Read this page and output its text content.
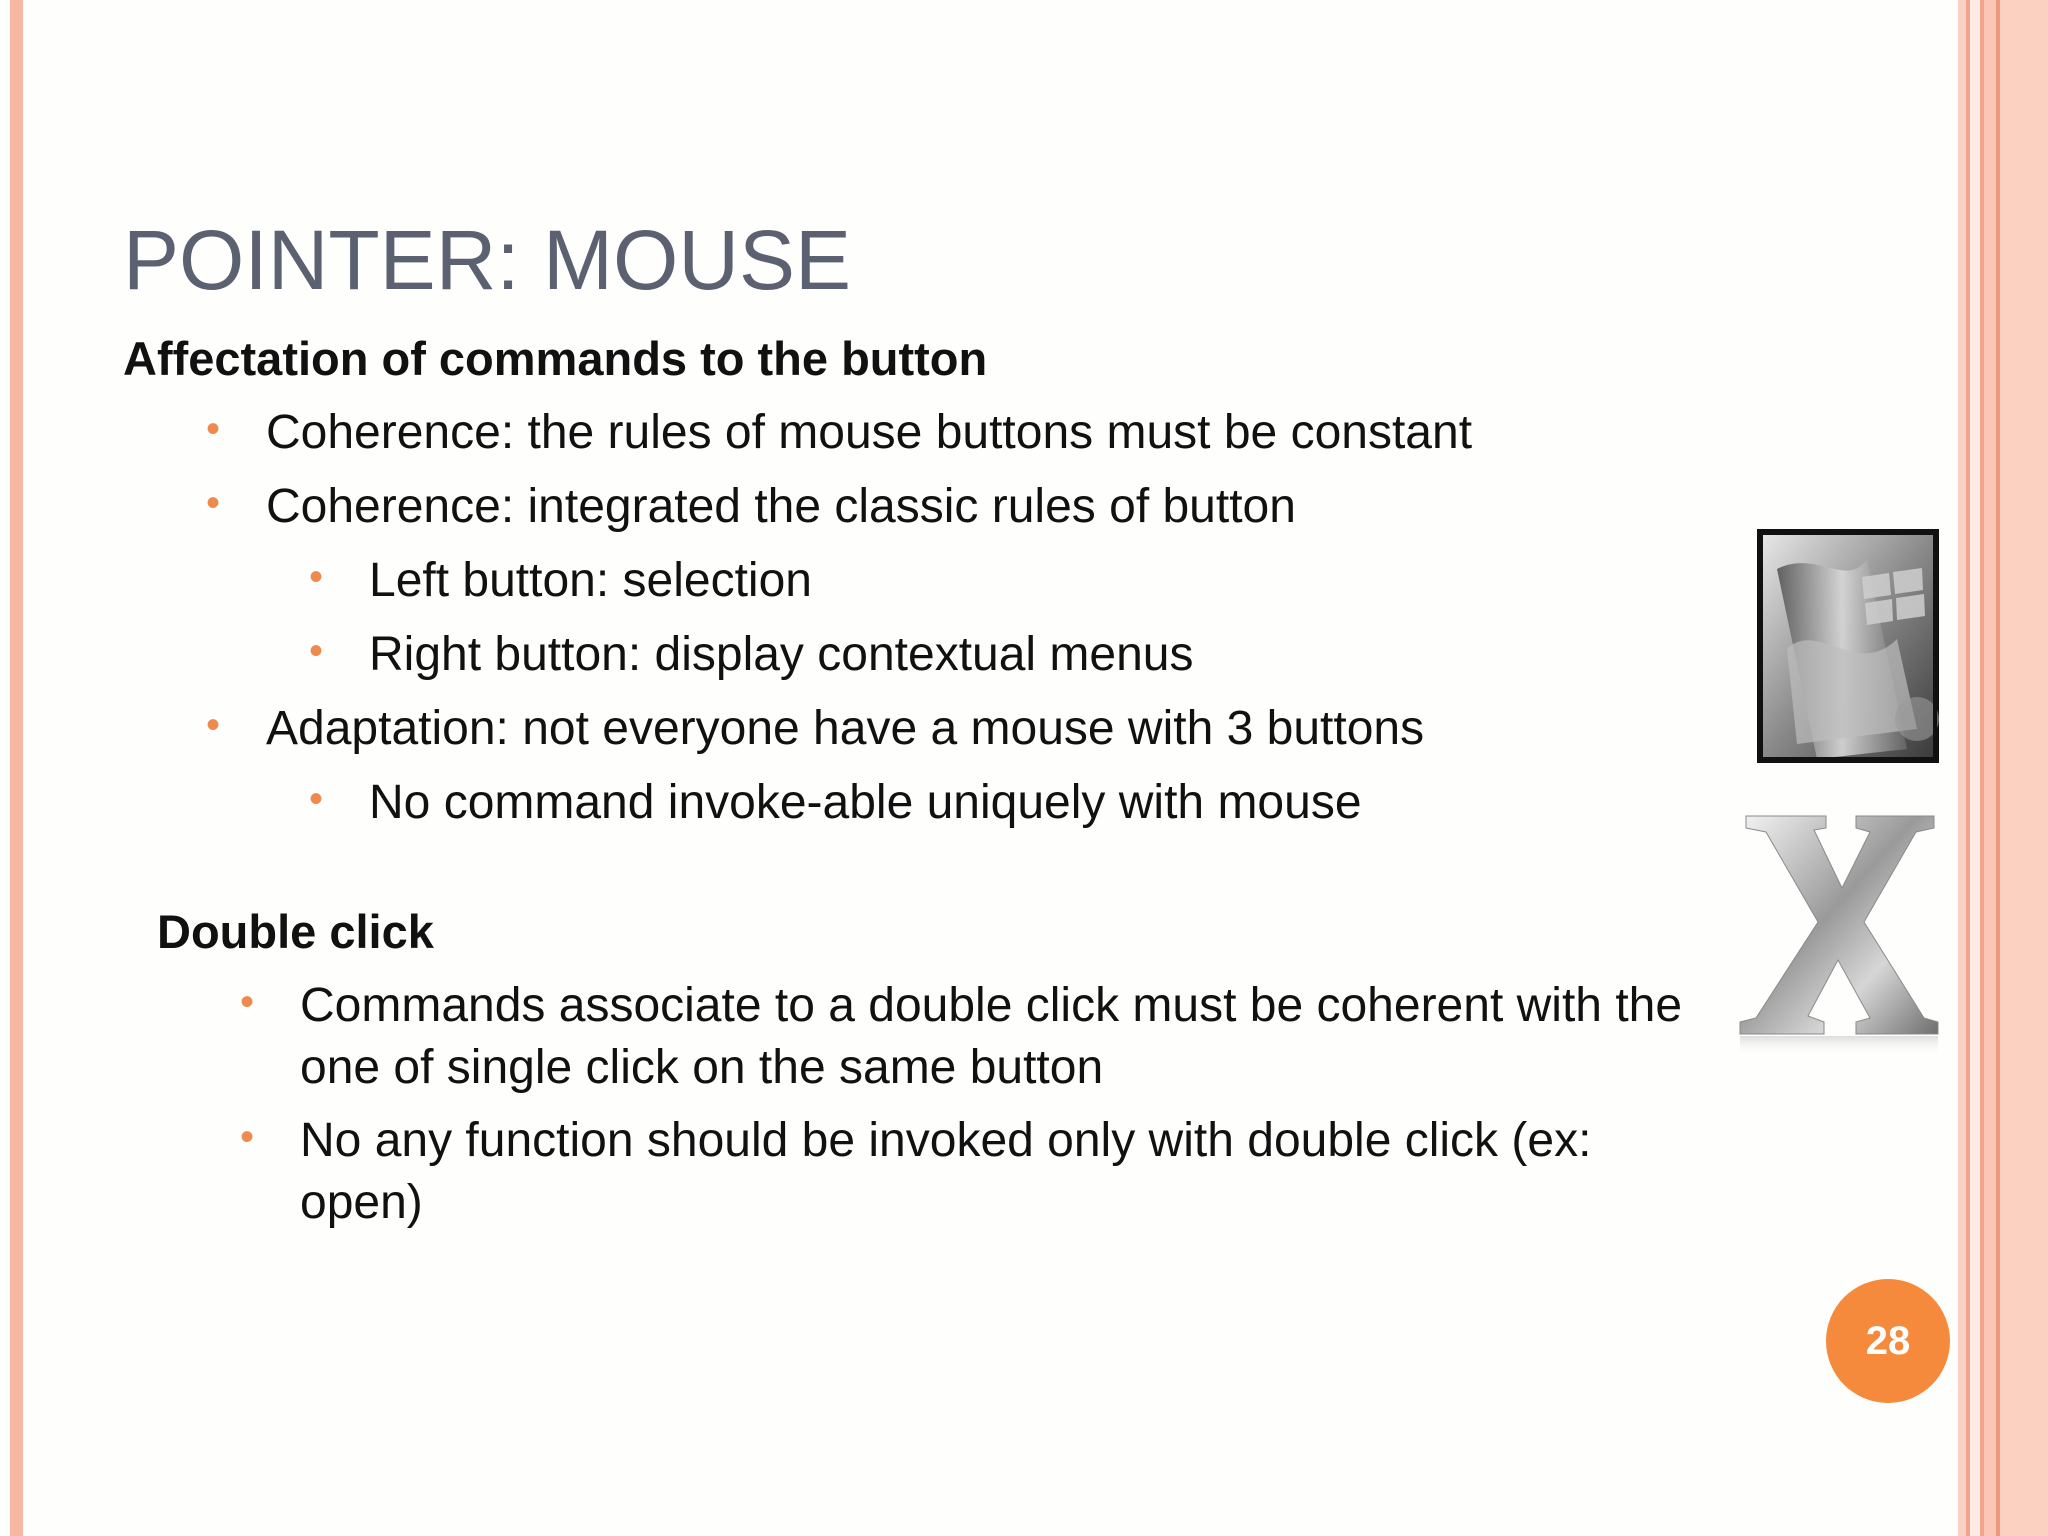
POINTER: MOUSE
Affectation of commands to the button
• Coherence: the rules of mouse buttons must be constant
• Coherence: integrated the classic rules of button
• Left button: selection
• Right button: display contextual menus
• Adaptation: not everyone have a mouse with 3 buttons
• No command invoke-able uniquely with mouse
Double click
• Commands associate to a double click must be coherent with the one of single click on the same button
• No any function should be invoked only with double click (ex: open)
28
